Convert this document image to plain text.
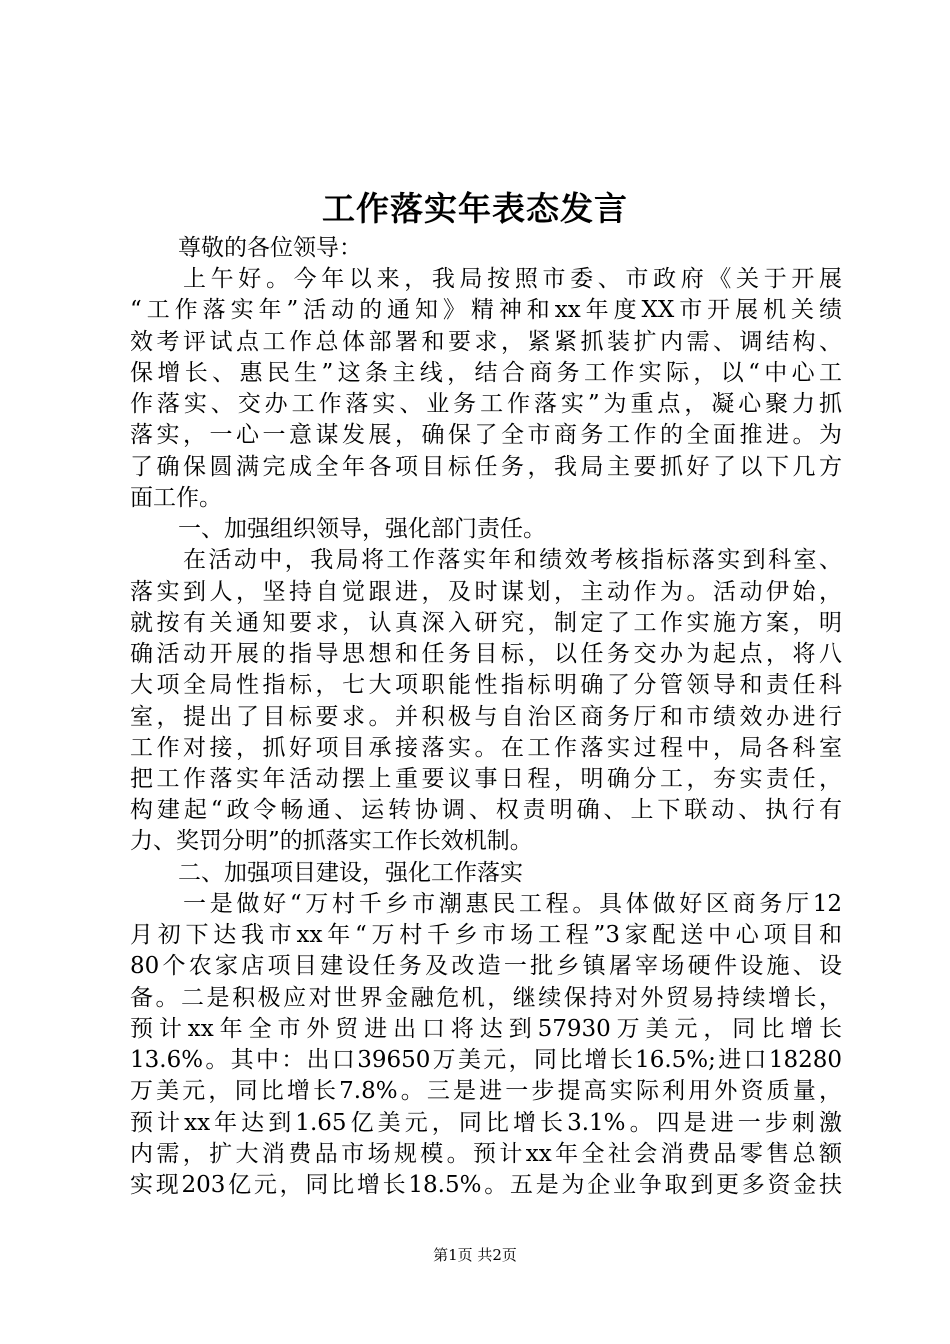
工作落实年表态发言
尊敬的各位领导：
上午好。今年以来，我局按照市委、市政府《关于开展
“工作落实年”活动的通知》精神和xx年度XX市开展机关绩
效考评试点工作总体部署和要求，紧紧抓装扩内需、调结构、
保增长、惠民生”这条主线，结合商务工作实际，以“中心工
作落实、交办工作落实、业务工作落实”为重点，凝心聚力抓
落实，一心一意谋发展，确保了全市商务工作的全面推进。为
了确保圆满完成全年各项目标任务，我局主要抓好了以下几方
面工作。
一、加强组织领导，强化部门责任。
在活动中，我局将工作落实年和绩效考核指标落实到科室、
落实到人，坚持自觉跟进，及时谋划，主动作为。活动伊始，
就按有关通知要求，认真深入研究，制定了工作实施方案，明
确活动开展的指导思想和任务目标，以任务交办为起点，将八
大项全局性指标，七大项职能性指标明确了分管领导和责任科
室，提出了目标要求。并积极与自治区商务厅和市绩效办进行
工作对接，抓好项目承接落实。在工作落实过程中，局各科室
把工作落实年活动摆上重要议事日程，明确分工，夯实责任，
构建起“政令畅通、运转协调、权责明确、上下联动、执行有
力、奖罚分明”的抓落实工作长效机制。
二、加强项目建设，强化工作落实
一是做好“万村千乡市潮惠民工程。具体做好区商务厅12
月初下达我市xx年“万村千乡市场工程”3家配送中心项目和
80个农家店项目建设任务及改造一批乡镇屠宰场硬件设施、设
备。二是积极应对世界金融危机，继续保持对外贸易持续增长，
预计xx年全市外贸进出口将达到57930万美元，同比增长
13.6%。其中：出口39650万美元，同比增长16.5%;进口18280
万美元，同比增长7.8%。三是进一步提高实际利用外资质量，
预计xx年达到1.65亿美元，同比增长3.1%。四是进一步刺激
内需，扩大消费品市场规模。预计xx年全社会消费品零售总额
实现203亿元，同比增长18.5%。五是为企业争取到更多资金扶
第1页 共2页
